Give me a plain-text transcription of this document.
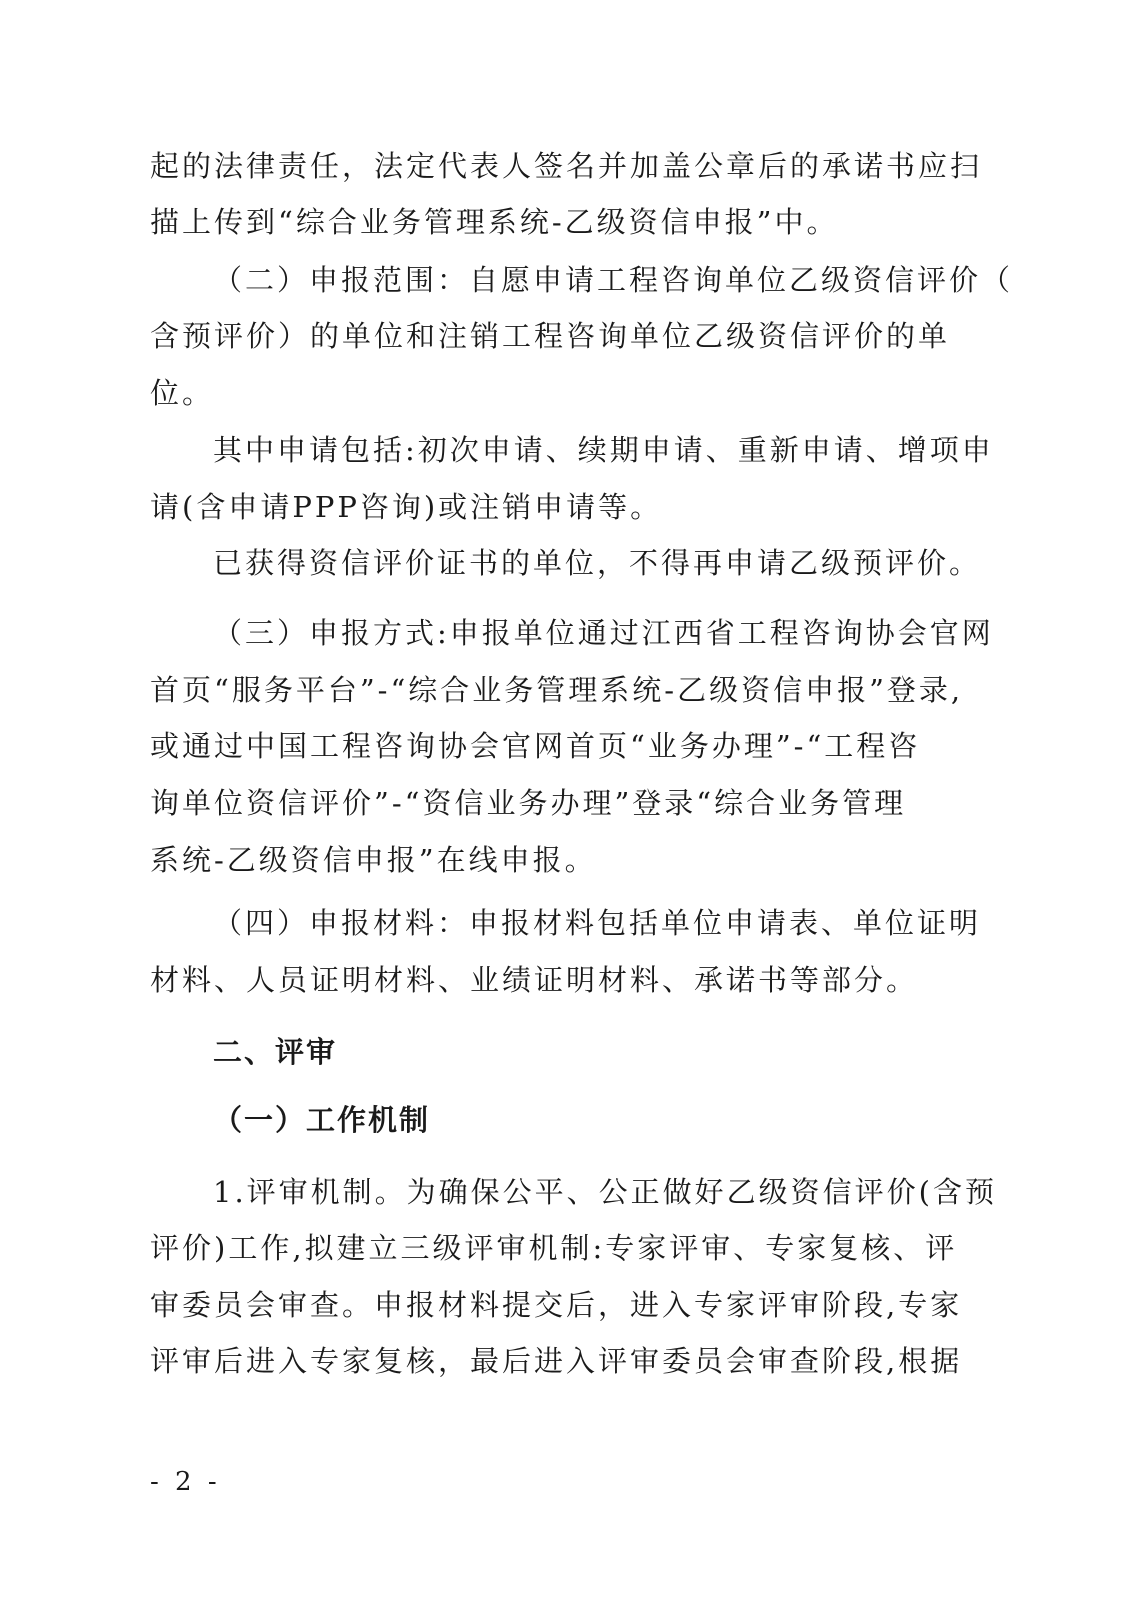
起的法律责任，法定代表人签名并加盖公章后的承诺书应扫

描上传到“综合业务管理系统-乙级资信申报”中。

（二）申报范围：自愿申请工程咨询单位乙级资信评价（

含预评价）的单位和注销工程咨询单位乙级资信评价的单

位。

其中申请包括:初次申请、续期申请、重新申请、增项申

请(含申请PPP咨询)或注销申请等。

已获得资信评价证书的单位，不得再申请乙级预评价。

（三）申报方式:申报单位通过江西省工程咨询协会官网

首页“服务平台”-“综合业务管理系统-乙级资信申报”登录,

或通过中国工程咨询协会官网首页“业务办理”-“工程咨

询单位资信评价”-“资信业务办理”登录“综合业务管理

系统-乙级资信申报”在线申报。

（四）申报材料：申报材料包括单位申请表、单位证明

材料、人员证明材料、业绩证明材料、承诺书等部分。

二、评审

（一）工作机制

1.评审机制。为确保公平、公正做好乙级资信评价(含预

评价)工作,拟建立三级评审机制:专家评审、专家复核、评

审委员会审查。申报材料提交后，进入专家评审阶段,专家

评审后进入专家复核，最后进入评审委员会审查阶段,根据

- 2 -
